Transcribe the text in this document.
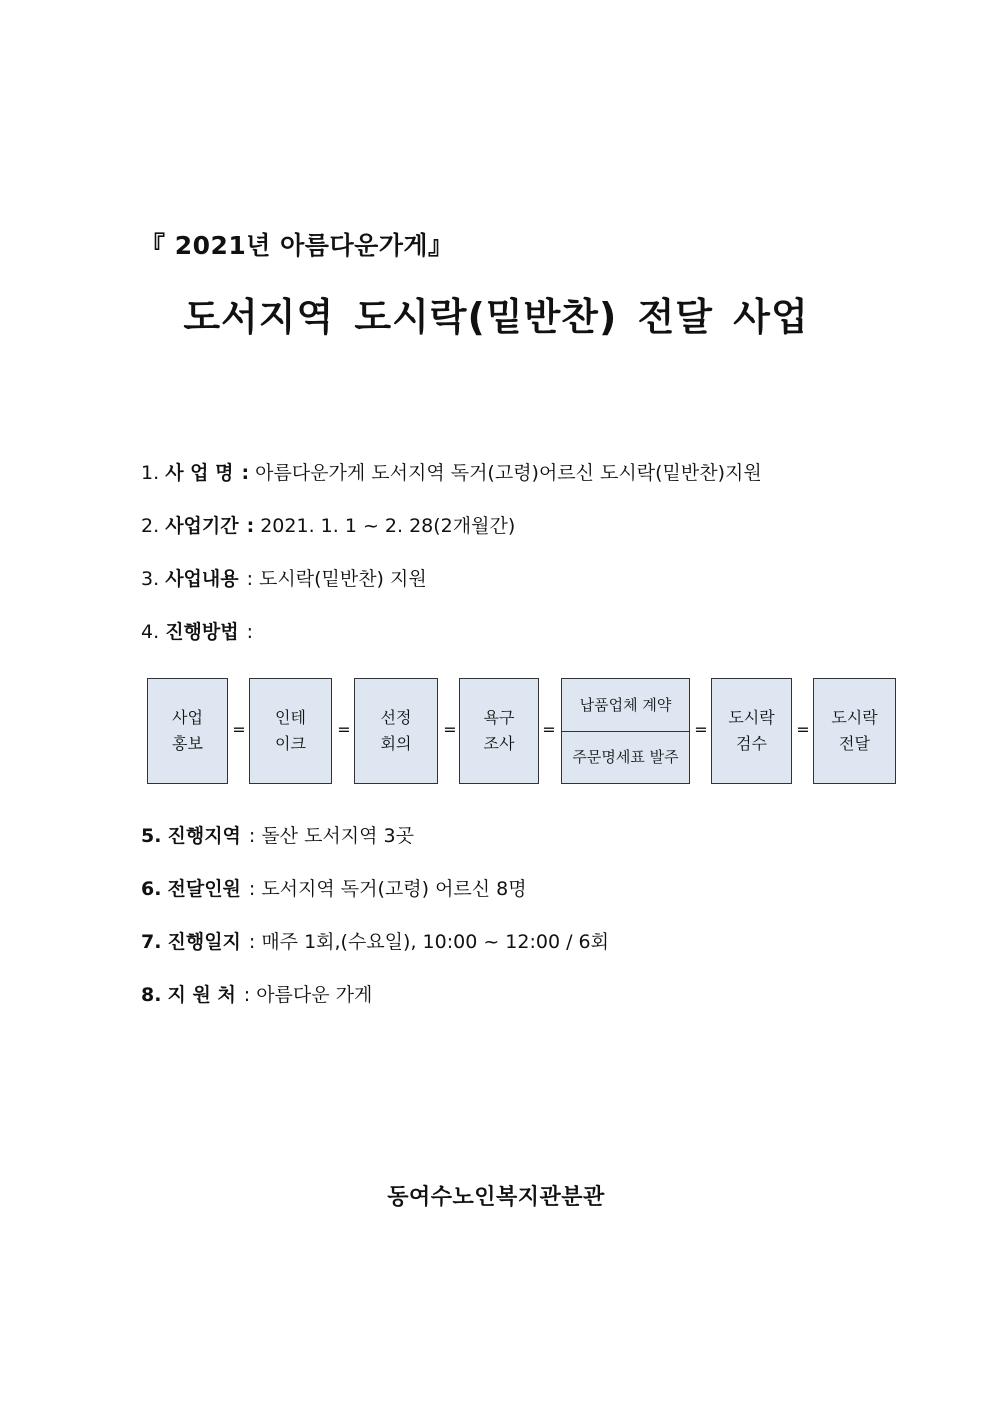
『 2021년 아름다운가게』
도서지역 도시락(밑반찬) 전달 사업
1. 사 업 명 : 아름다운가게 도서지역 독거(고령)어르신 도시락(밑반찬)지원
2. 사업기간 : 2021. 1. 1 ~ 2. 28(2개월간)
3. 사업내용 : 도시락(밑반찬) 지원
4. 진행방법 :
사업
홍보
=
인테
이크
=
선정
회의
=
욕구
조사
=
납품업체 계약
주문명세표 발주
=
도시락
검수
=
도시락
전달
5. 진행지역 : 돌산 도서지역 3곳
6. 전달인원 : 도서지역 독거(고령) 어르신 8명
7. 진행일지 : 매주 1회,(수요일), 10:00 ~ 12:00 / 6회
8. 지 원 처 : 아름다운 가게
동여수노인복지관분관
